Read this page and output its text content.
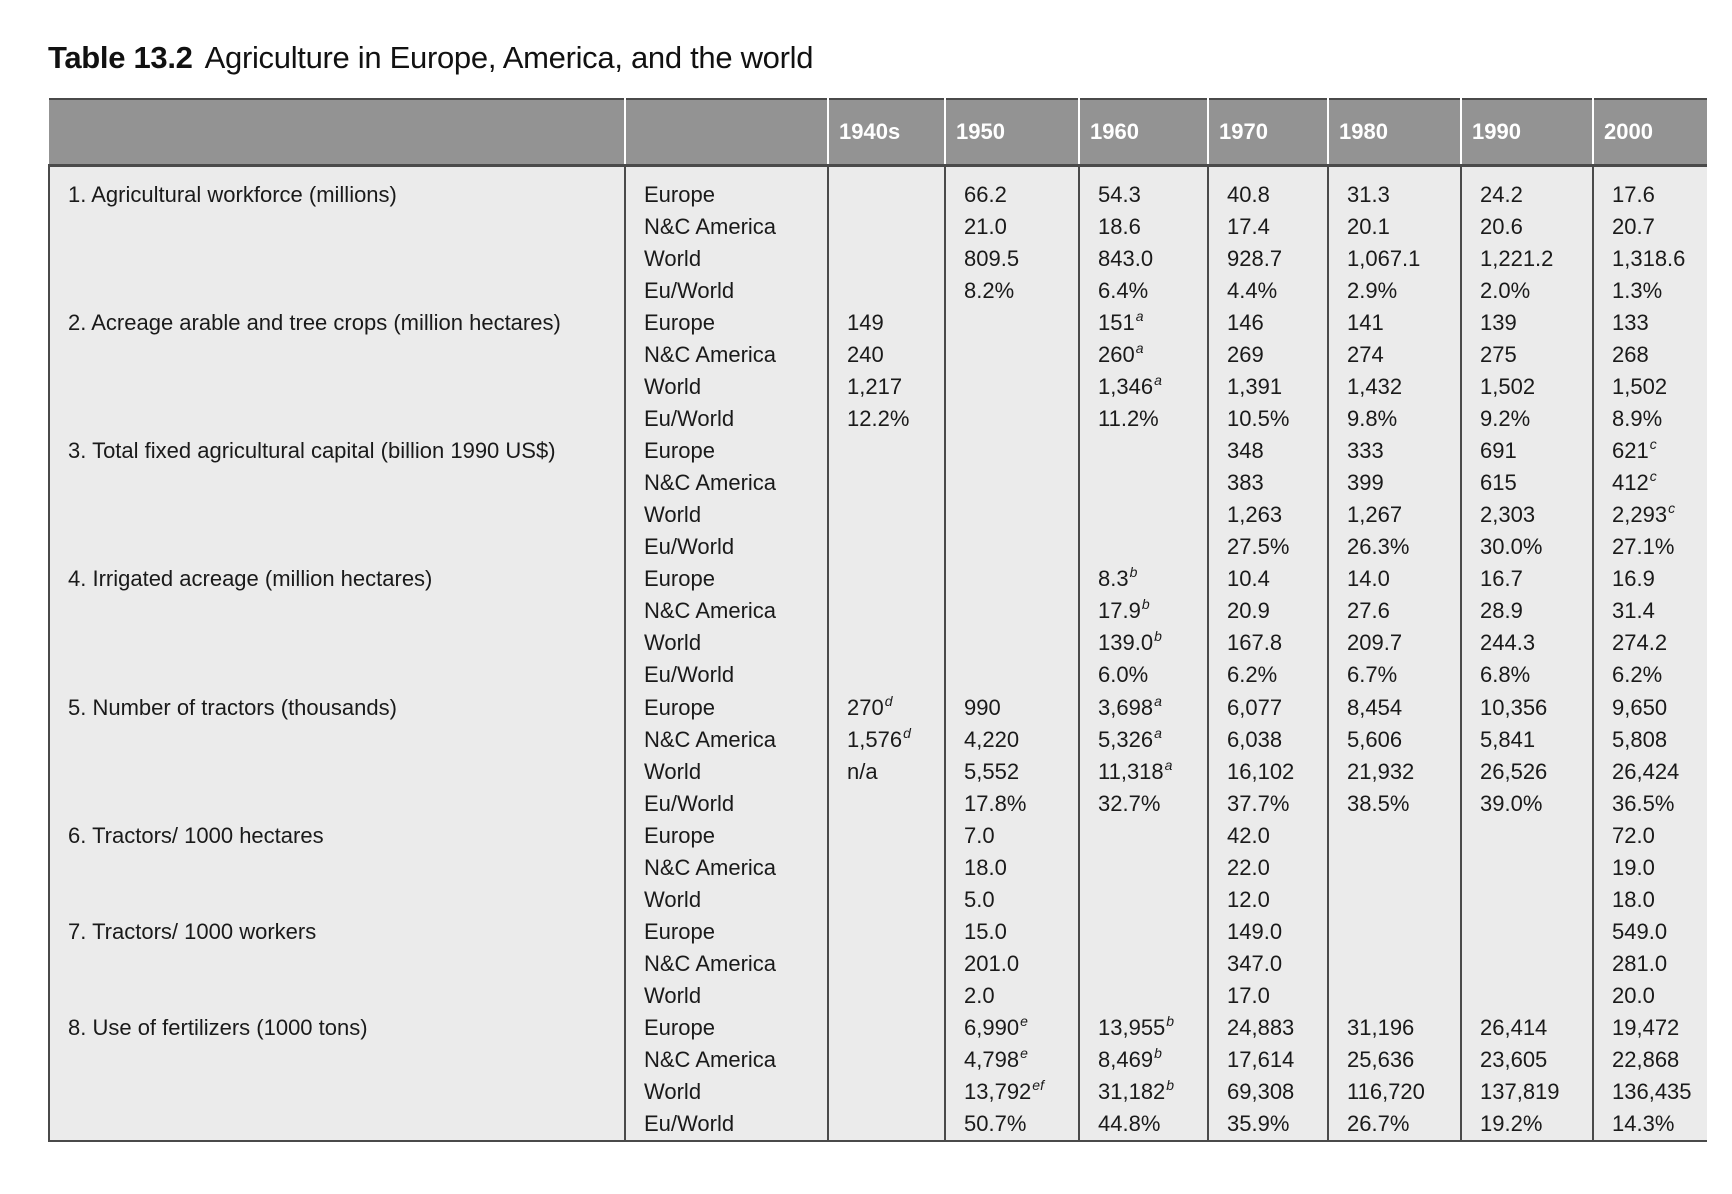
Table 13.2 Agriculture in Europe, America, and the world
		1940s	1950	1960	1970	1980	1990	2000

1. Agricultural workforce (millions)	Europe		66.2	54.3	40.8	31.3	24.2	17.6
	N&C America		21.0	18.6	17.4	20.1	20.6	20.7
	World		809.5	843.0	928.7	1,067.1	1,221.2	1,318.6
	Eu/World		8.2%	6.4%	4.4%	2.9%	2.0%	1.3%
2. Acreage arable and tree crops (million hectares)	Europe	149		151$^a$	146	141	139	133
	N&C America	240		260$^a$	269	274	275	268
	World	1,217		1,346$^a$	1,391	1,432	1,502	1,502
	Eu/World	12.2%		11.2%	10.5%	9.8%	9.2%	8.9%
3. Total fixed agricultural capital (billion 1990 US$)	Europe				348	333	691	621$^c$
	N&C America				383	399	615	412$^c$
	World				1,263	1,267	2,303	2,293$^c$
	Eu/World				27.5%	26.3%	30.0%	27.1%
4. Irrigated acreage (million hectares)	Europe			8.3$^b$	10.4	14.0	16.7	16.9
	N&C America			17.9$^b$	20.9	27.6	28.9	31.4
	World			139.0$^b$	167.8	209.7	244.3	274.2
	Eu/World			6.0%	6.2%	6.7%	6.8%	6.2%
5. Number of tractors (thousands)	Europe	270$^d$	990	3,698$^a$	6,077	8,454	10,356	9,650
	N&C America	1,576$^d$	4,220	5,326$^a$	6,038	5,606	5,841	5,808
	World	n/a	5,552	11,318$^a$	16,102	21,932	26,526	26,424
	Eu/World		17.8%	32.7%	37.7%	38.5%	39.0%	36.5%
6. Tractors/ 1000 hectares	Europe		7.0		42.0			72.0
	N&C America		18.0		22.0			19.0
	World		5.0		12.0			18.0
7. Tractors/ 1000 workers	Europe		15.0		149.0			549.0
	N&C America		201.0		347.0			281.0
	World		2.0		17.0			20.0
8. Use of fertilizers (1000 tons)	Europe		6,990e	13,955$^b$	24,883	31,196	26,414	19,472
	N&C America		4,798e	8,469$^b$	17,614	25,636	23,605	22,868
	World		13,792$^{ef}$	31,182$^b$	69,308	116,720	137,819	136,435
	Eu/World		50.7%	44.8%	35.9%	26.7%	19.2%	14.3%
